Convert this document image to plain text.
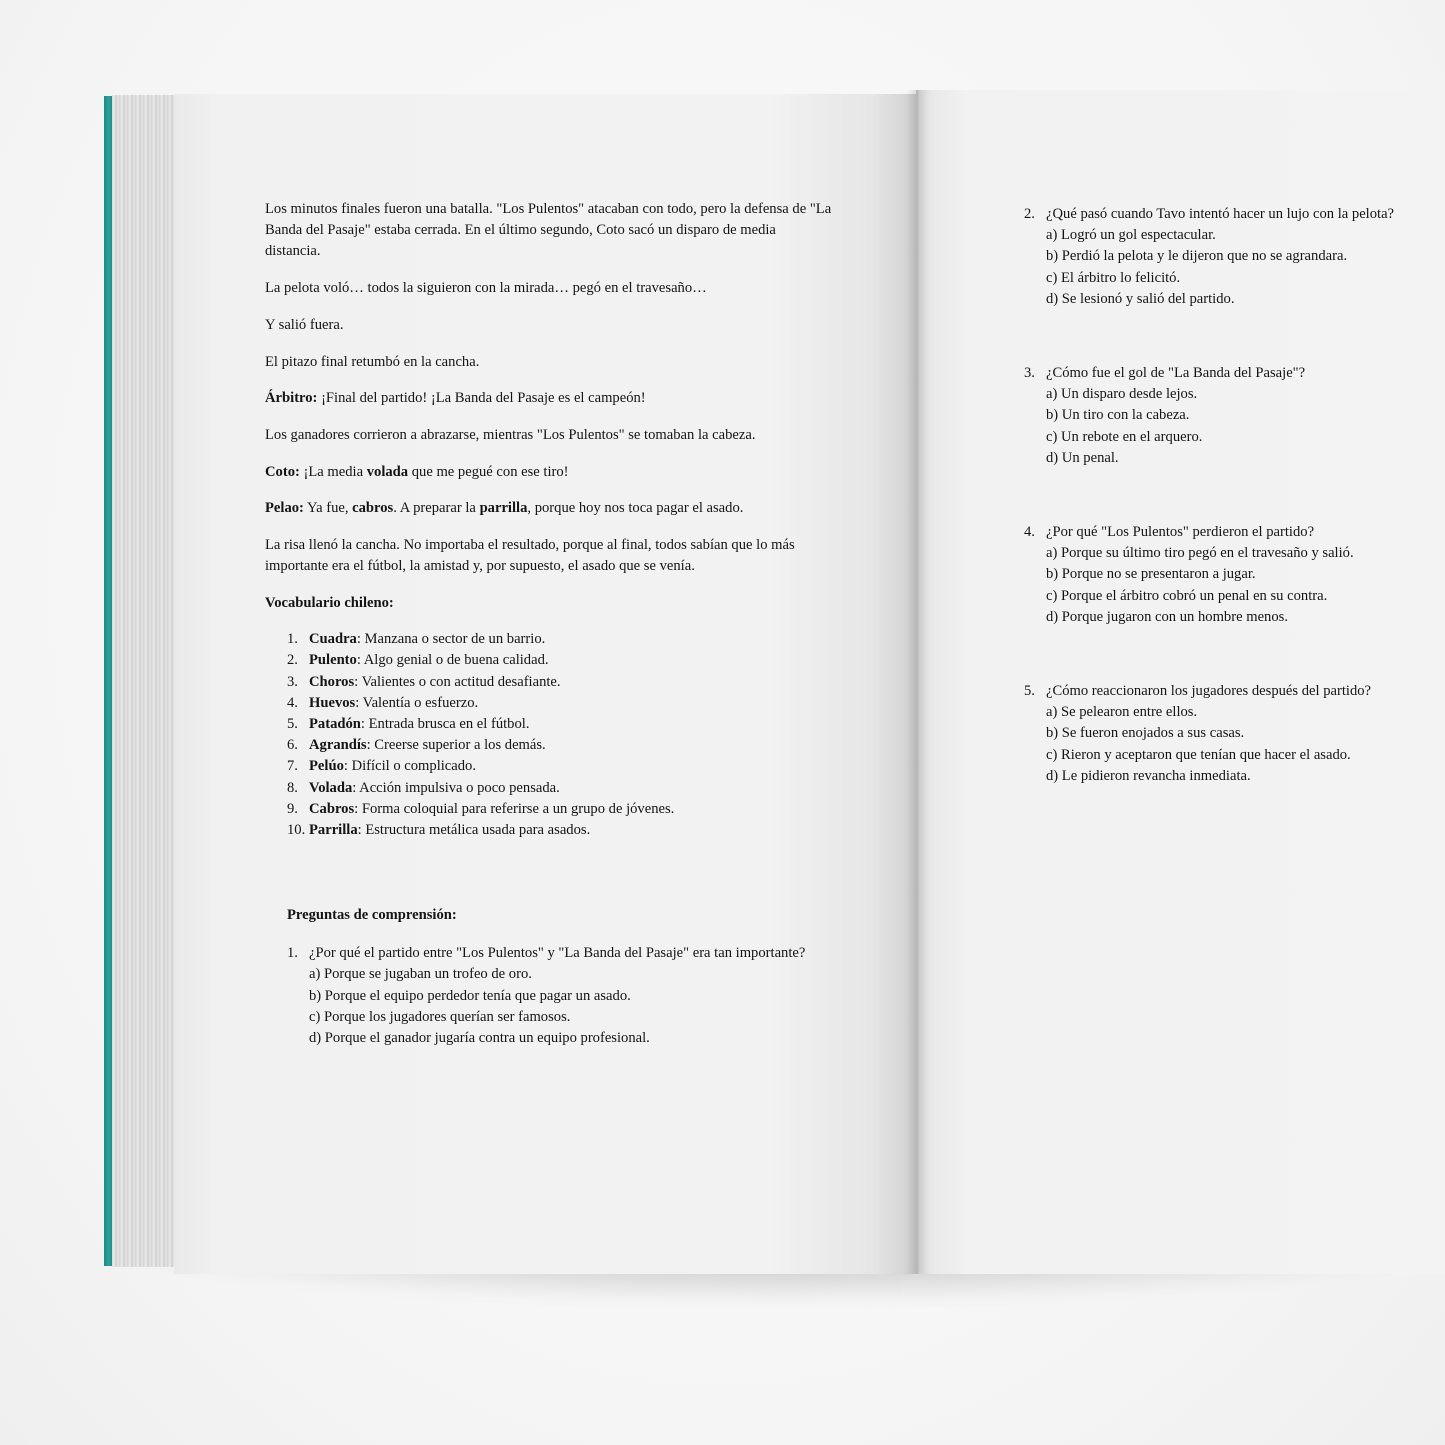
Los minutos finales fueron una batalla. "Los Pulentos" atacaban con todo, pero la defensa de "La Banda del Pasaje" estaba cerrada. En el último segundo, Coto sacó un disparo de media distancia.

La pelota voló… todos la siguieron con la mirada… pegó en el travesaño…

Y salió fuera.

El pitazo final retumbó en la cancha.

Árbitro: ¡Final del partido! ¡La Banda del Pasaje es el campeón!

Los ganadores corrieron a abrazarse, mientras "Los Pulentos" se tomaban la cabeza.

Coto: ¡La media volada que me pegué con ese tiro!

Pelao: Ya fue, cabros. A preparar la parrilla, porque hoy nos toca pagar el asado.

La risa llenó la cancha. No importaba el resultado, porque al final, todos sabían que lo más importante era el fútbol, la amistad y, por supuesto, el asado que se venía.

Vocabulario chileno:
1. Cuadra: Manzana o sector de un barrio.
2. Pulento: Algo genial o de buena calidad.
3. Choros: Valientes o con actitud desafiante.
4. Huevos: Valentía o esfuerzo.
5. Patadón: Entrada brusca en el fútbol.
6. Agrandís: Creerse superior a los demás.
7. Pelúo: Difícil o complicado.
8. Volada: Acción impulsiva o poco pensada.
9. Cabros: Forma coloquial para referirse a un grupo de jóvenes.
10. Parrilla: Estructura metálica usada para asados.
Preguntas de comprensión:
1. ¿Por qué el partido entre "Los Pulentos" y "La Banda del Pasaje" era tan importante?
a) Porque se jugaban un trofeo de oro.
b) Porque el equipo perdedor tenía que pagar un asado.
c) Porque los jugadores querían ser famosos.
d) Porque el ganador jugaría contra un equipo profesional.
2. ¿Qué pasó cuando Tavo intentó hacer un lujo con la pelota?
a) Logró un gol espectacular.
b) Perdió la pelota y le dijeron que no se agrandara.
c) El árbitro lo felicitó.
d) Se lesionó y salió del partido.
3. ¿Cómo fue el gol de "La Banda del Pasaje"?
a) Un disparo desde lejos.
b) Un tiro con la cabeza.
c) Un rebote en el arquero.
d) Un penal.
4. ¿Por qué "Los Pulentos" perdieron el partido?
a) Porque su último tiro pegó en el travesaño y salió.
b) Porque no se presentaron a jugar.
c) Porque el árbitro cobró un penal en su contra.
d) Porque jugaron con un hombre menos.
5. ¿Cómo reaccionaron los jugadores después del partido?
a) Se pelearon entre ellos.
b) Se fueron enojados a sus casas.
c) Rieron y aceptaron que tenían que hacer el asado.
d) Le pidieron revancha inmediata.
